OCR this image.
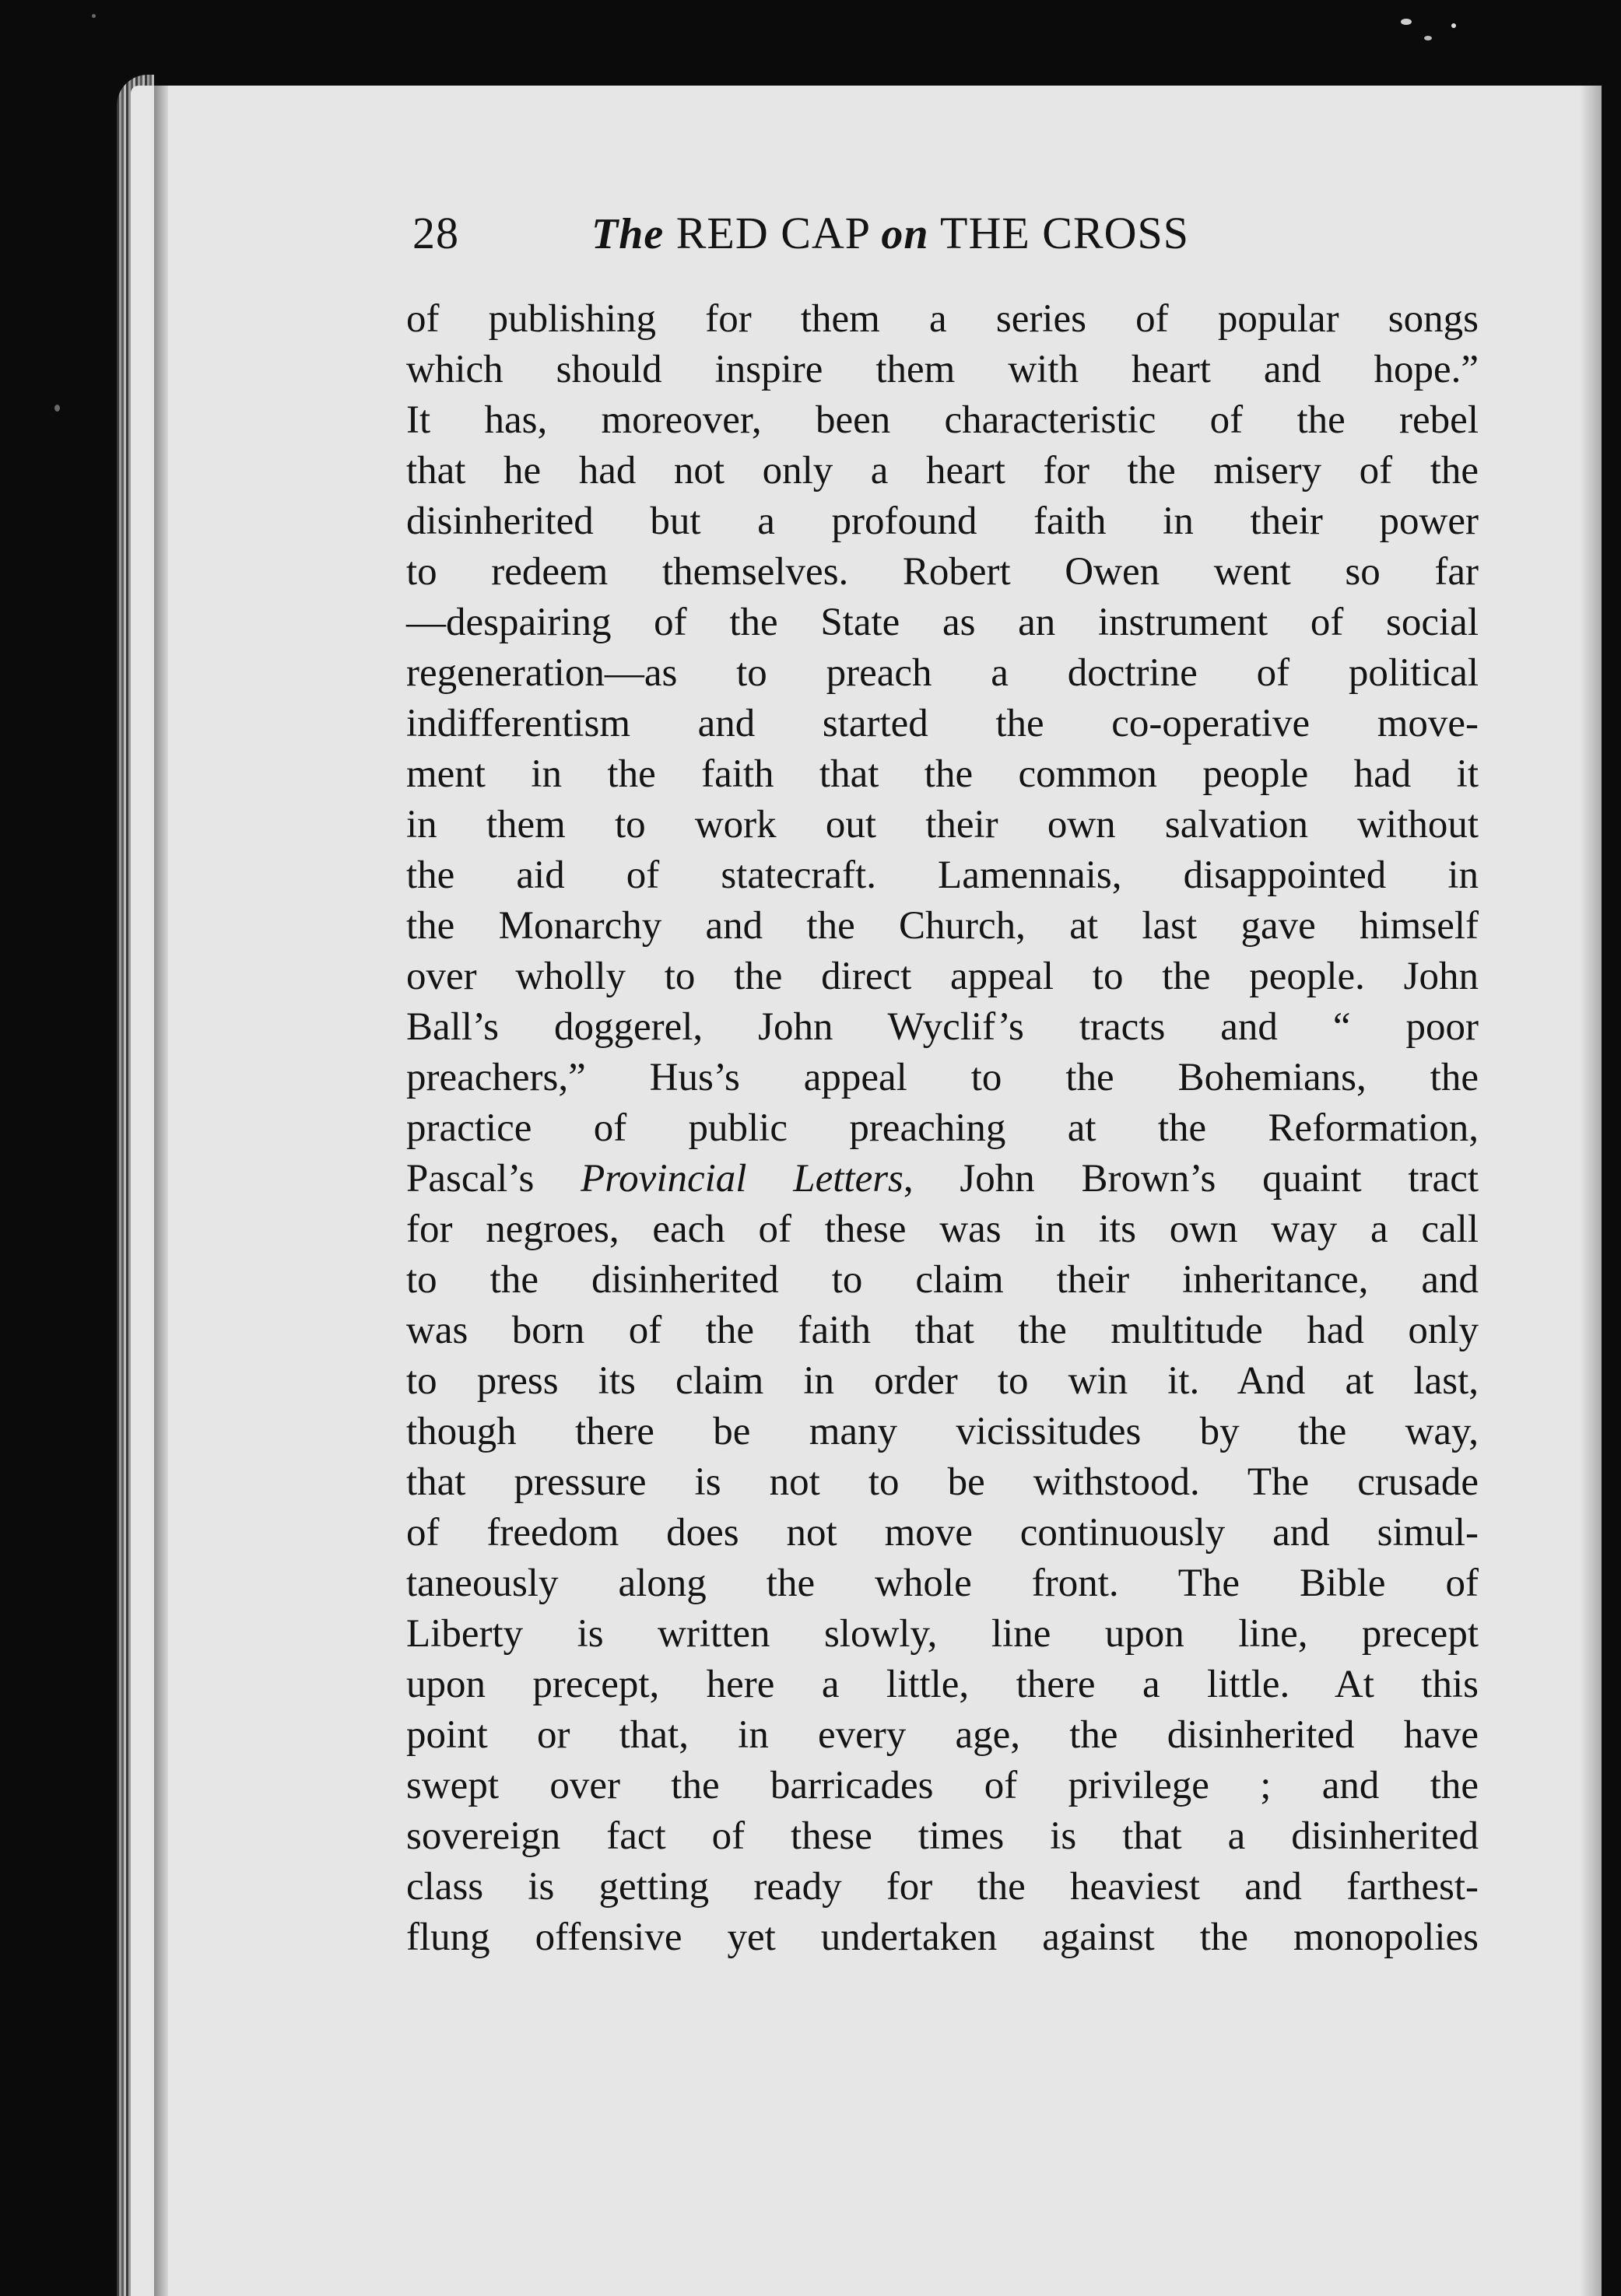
28	The RED CAP on THE CROSS
of publishing for them a series of popular songs
which should inspire them with heart and hope.”
It has, moreover, been characteristic of the rebel
that he had not only a heart for the misery of the
disinherited but a profound faith in their power
to redeem themselves. Robert Owen went so far
—despairing of the State as an instrument of social
regeneration—as to preach a doctrine of political
indifferentism and started the co-operative move-
ment in the faith that the common people had it
in them to work out their own salvation without
the aid of statecraft. Lamennais, disappointed in
the Monarchy and the Church, at last gave himself
over wholly to the direct appeal to the people. John
Ball’s doggerel, John Wyclif’s tracts and “ poor
preachers,” Hus’s appeal to the Bohemians, the
practice of public preaching at the Reformation,
Pascal’s Provincial Letters, John Brown’s quaint tract
for negroes, each of these was in its own way a call
to the disinherited to claim their inheritance, and
was born of the faith that the multitude had only
to press its claim in order to win it. And at last,
though there be many vicissitudes by the way,
that pressure is not to be withstood. The crusade
of freedom does not move continuously and simul-
taneously along the whole front. The Bible of
Liberty is written slowly, line upon line, precept
upon precept, here a little, there a little. At this
point or that, in every age, the disinherited have
swept over the barricades of privilege ; and the
sovereign fact of these times is that a disinherited
class is getting ready for the heaviest and farthest-
flung offensive yet undertaken against the monopolies
